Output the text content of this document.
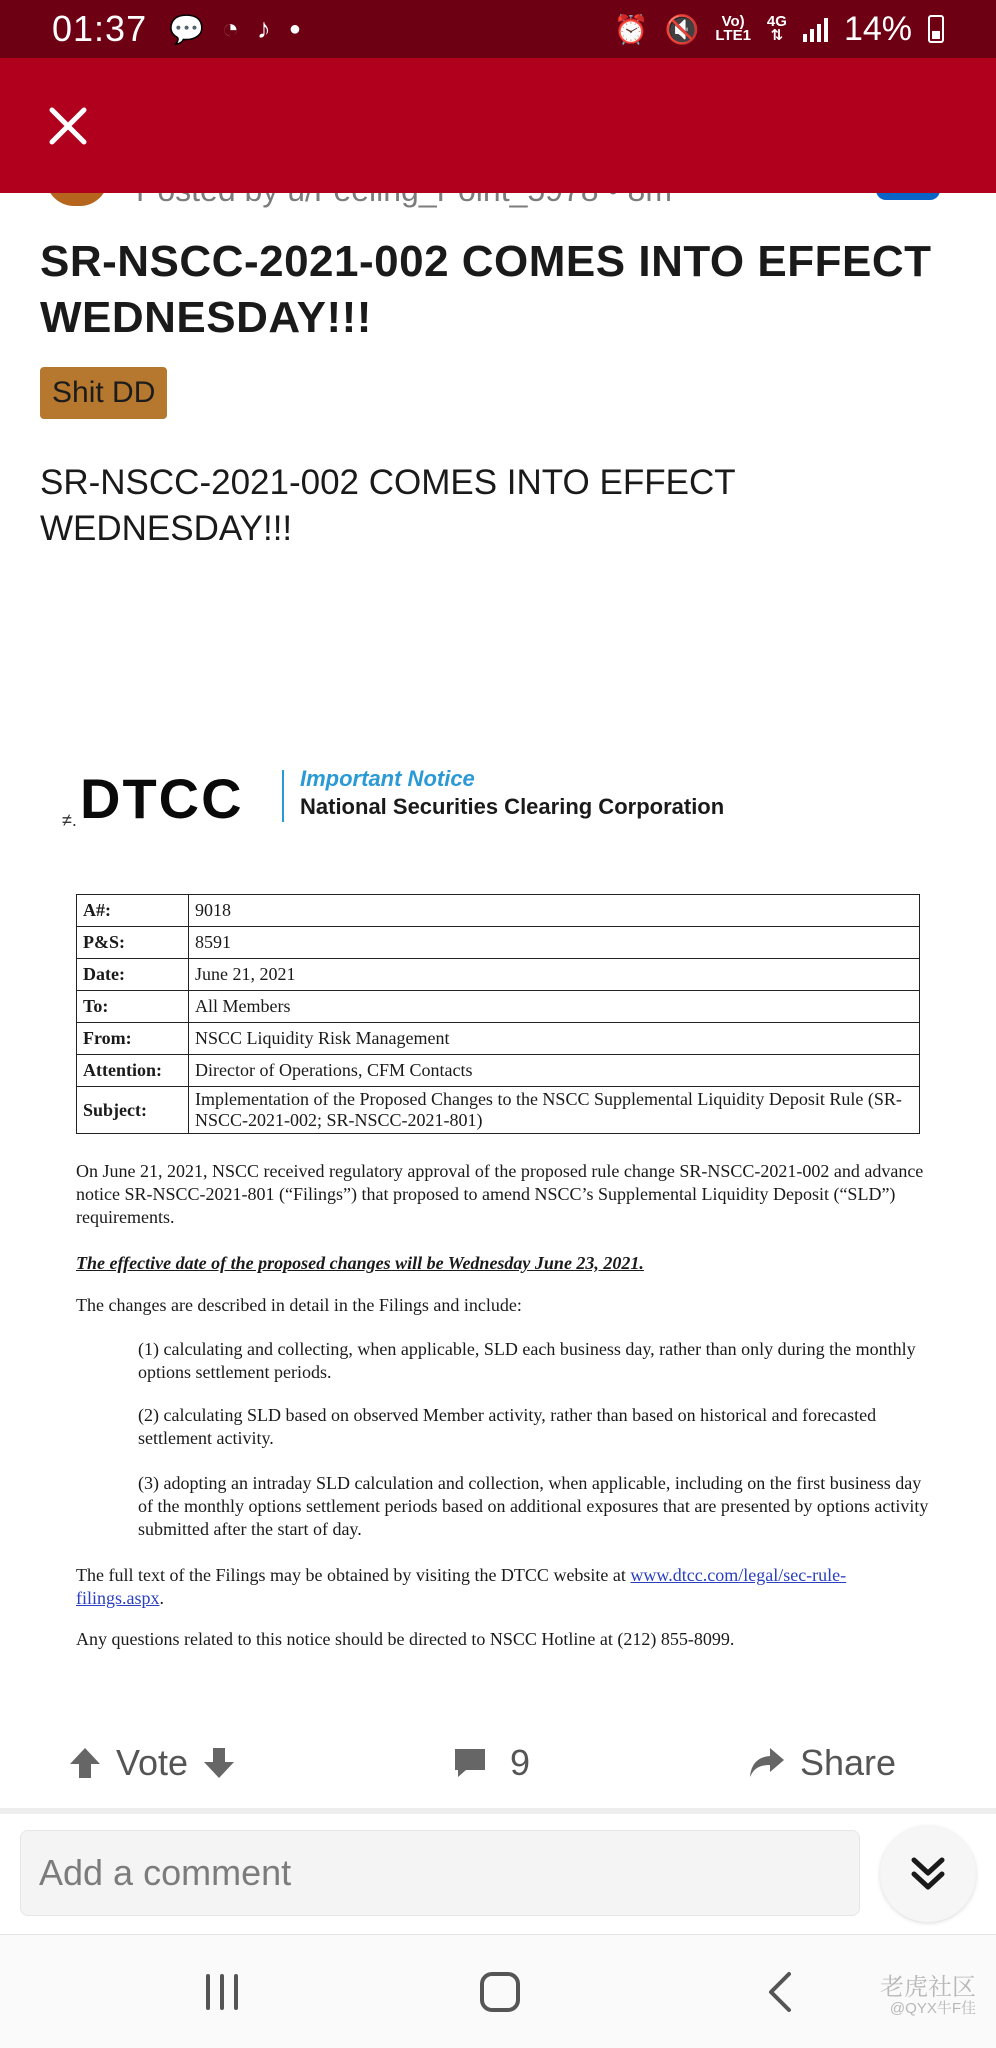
01:37 💬 ◔ ♪ ●	⏰ 🔇	Vo)
LTE1
4G
⇅ 14%
SR-NSCC-2021-002 COMES INTO EFFECT WEDNESDAY!!!
Shit DD

SR-NSCC-2021-002 COMES INTO EFFECT WEDNESDAY!!!

≠. DTCC	Important Notice
National Securities Clearing Corporation
A#:	9018
P&S:	8591
Date:	June 21, 2021
To:	All Members
From:	NSCC Liquidity Risk Management
Attention:	Director of Operations, CFM Contacts
Subject:	Implementation of the Proposed Changes to the NSCC Supplemental Liquidity Deposit Rule (SR-NSCC-2021-002; SR-NSCC-2021-801)

On June 21, 2021, NSCC received regulatory approval of the proposed rule change SR-NSCC-2021-002 and advance notice SR-NSCC-2021-801 (“Filings”) that proposed to amend NSCC’s Supplemental Liquidity Deposit (“SLD”) requirements.

The effective date of the proposed changes will be Wednesday June 23, 2021.

The changes are described in detail in the Filings and include:

(1) calculating and collecting, when applicable, SLD each business day, rather than only during the monthly options settlement periods.

(2) calculating SLD based on observed Member activity, rather than based on historical and forecasted settlement activity.

(3) adopting an intraday SLD calculation and collection, when applicable, including on the first business day of the monthly options settlement periods based on additional exposures that are presented by options activity submitted after the start of day.

The full text of the Filings may be obtained by visiting the DTCC website at www.dtcc.com/legal/sec-rule-filings.aspx.

Any questions related to this notice should be directed to NSCC Hotline at (212) 855-8099.

Vote	9	Share
Add a comment
老虎社区
@QYX牛F佳
